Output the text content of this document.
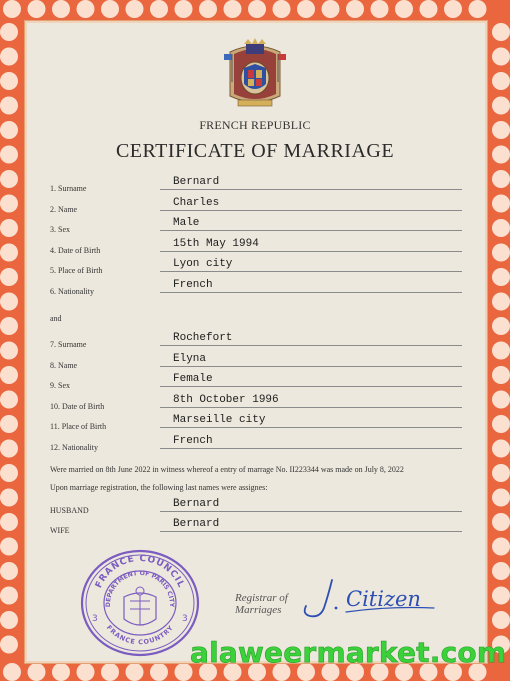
FRENCH REPUBLIC
CERTIFICATE OF MARRIAGE
1. Surname
Bernard
2. Name
Charles
3. Sex
Male
4. Date of Birth
15th May 1994
5. Place of Birth
Lyon city
6. Nationality
French
and
7. Surname
Rochefort
8. Name
Elyna
9. Sex
Female
10. Date of Birth
8th October 1996
11. Place of Birth
Marseille city
12. Nationality
French
Were married on 8th June 2022 in witness whereof a entry of marrage No. II223344 was made on July 8, 2022
Upon marriage registration, the following last names were assignes:
HUSBAND
Bernard
WIFE
Bernard
FRANCE COUNCIL
DEPARTMENT OF PARIS CITY
FRANCE COUNTRY
3	3
Registrar of
Marriages	Citizen
alaweermarket.com
